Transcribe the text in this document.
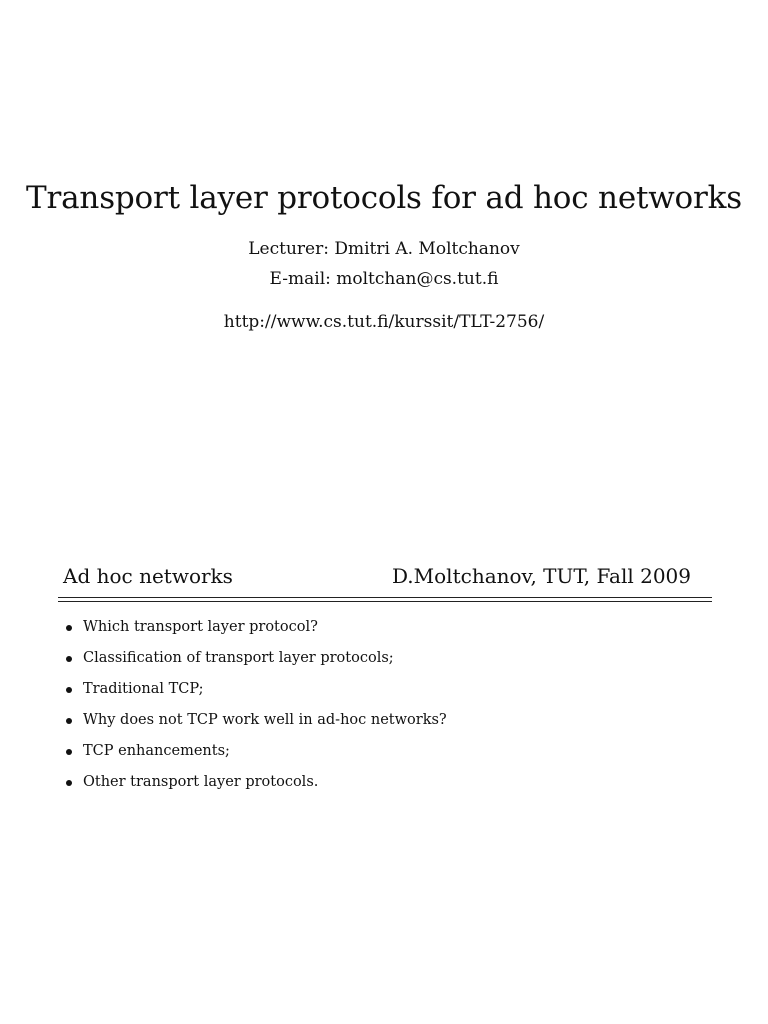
Transport layer protocols for ad hoc networks

Lecturer: Dmitri A. Moltchanov

E-mail: moltchan@cs.tut.fi

http://www.cs.tut.fi/kurssit/TLT-2756/

Ad hoc networks	D.Moltchanov, TUT, Fall 2009
Which transport layer protocol?
Classification of transport layer protocols;
Traditional TCP;
Why does not TCP work well in ad-hoc networks?
TCP enhancements;
Other transport layer protocols.
